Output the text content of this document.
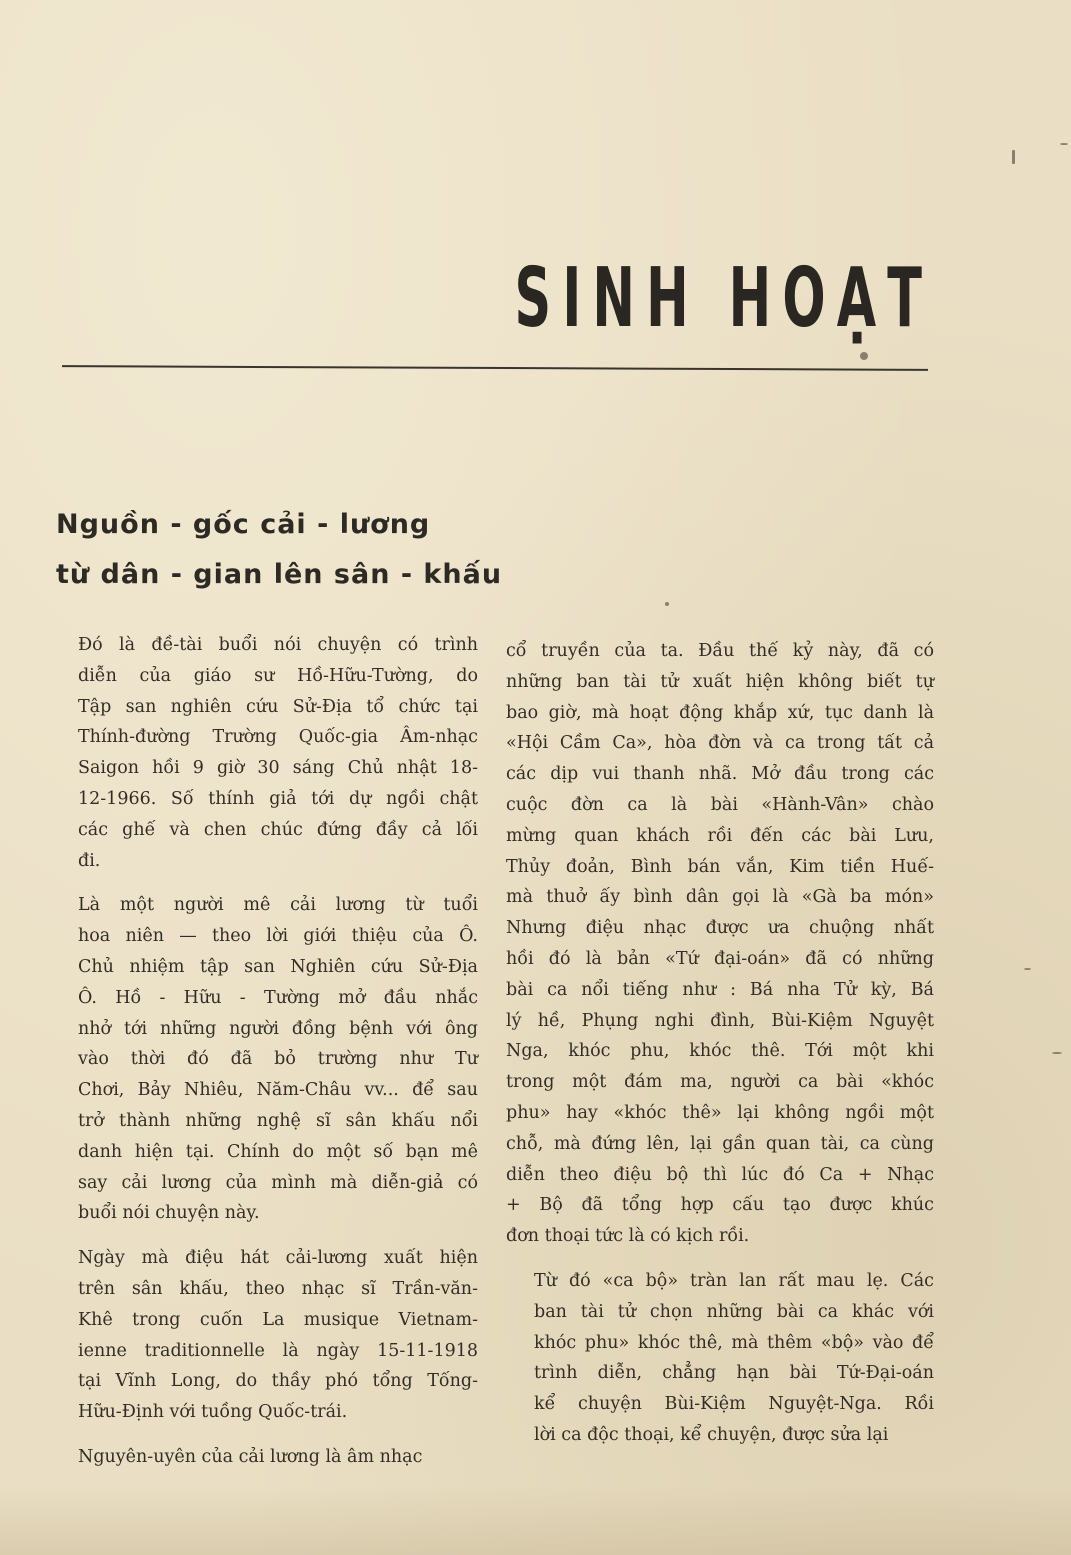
SINH HOẠT
Nguồn - gốc cải - lương
từ dân - gian lên sân - khấu

Đó là đề-tài buổi nói chuyện có trình
diễn của giáo sư Hồ-Hữu-Tường, do
Tập san nghiên cứu Sử-Địa tổ chức tại
Thính-đường Trường Quốc-gia Âm-nhạc
Saigon hồi 9 giờ 30 sáng Chủ nhật 18-
12-1966. Số thính giả tới dự ngồi chật
các ghế và chen chúc đứng đầy cả lối
đi.

Là một người mê cải lương từ tuổi
hoa niên — theo lời giới thiệu của Ô.
Chủ nhiệm tập san Nghiên cứu Sử-Địa
Ô. Hồ - Hữu - Tường mở đầu nhắc
nhở tới những người đồng bệnh với ông
vào thời đó đã bỏ trường như Tư
Chơi, Bảy Nhiêu, Năm-Châu vv... để sau
trở thành những nghệ sĩ sân khấu nổi
danh hiện tại. Chính do một số bạn mê
say cải lương của mình mà diễn-giả có
buổi nói chuyện này.

Ngày mà điệu hát cải-lương xuất hiện
trên sân khấu, theo nhạc sĩ Trần-văn-
Khê trong cuốn La musique Vietnam-
ienne traditionnelle là ngày 15-11-1918
tại Vĩnh Long, do thầy phó tổng Tống-
Hữu-Định với tuồng Quốc-trái.

Nguyên-uyên của cải lương là âm nhạc

cổ truyền của ta. Đầu thế kỷ này, đã có
những ban tài tử xuất hiện không biết tự
bao giờ, mà hoạt động khắp xứ, tục danh là
«Hội Cầm Ca», hòa đờn và ca trong tất cả
các dịp vui thanh nhã. Mở đầu trong các
cuộc đờn ca là bài «Hành-Vân» chào
mừng quan khách rồi đến các bài Lưu,
Thủy đoản, Bình bán vắn, Kim tiền Huế-
mà thuở ấy bình dân gọi là «Gà ba món»
Nhưng điệu nhạc được ưa chuộng nhất
hồi đó là bản «Tứ đại-oán» đã có những
bài ca nổi tiếng như : Bá nha Tử kỳ, Bá
lý hề, Phụng nghi đình, Bùi-Kiệm Nguyệt
Nga, khóc phu, khóc thê. Tới một khi
trong một đám ma, người ca bài «khóc
phu» hay «khóc thê» lại không ngồi một
chỗ, mà đứng lên, lại gần quan tài, ca cùng
diễn theo điệu bộ thì lúc đó Ca + Nhạc
+ Bộ đã tổng hợp cấu tạo được khúc
đơn thoại tức là có kịch rồi.

Từ đó «ca bộ» tràn lan rất mau lẹ. Các
ban tài tử chọn những bài ca khác với
khóc phu» khóc thê, mà thêm «bộ» vào để
trình diễn, chẳng hạn bài Tứ-Đại-oán
kể chuyện Bùi-Kiệm Nguyệt-Nga. Rồi
lời ca độc thoại, kể chuyện, được sửa lại
